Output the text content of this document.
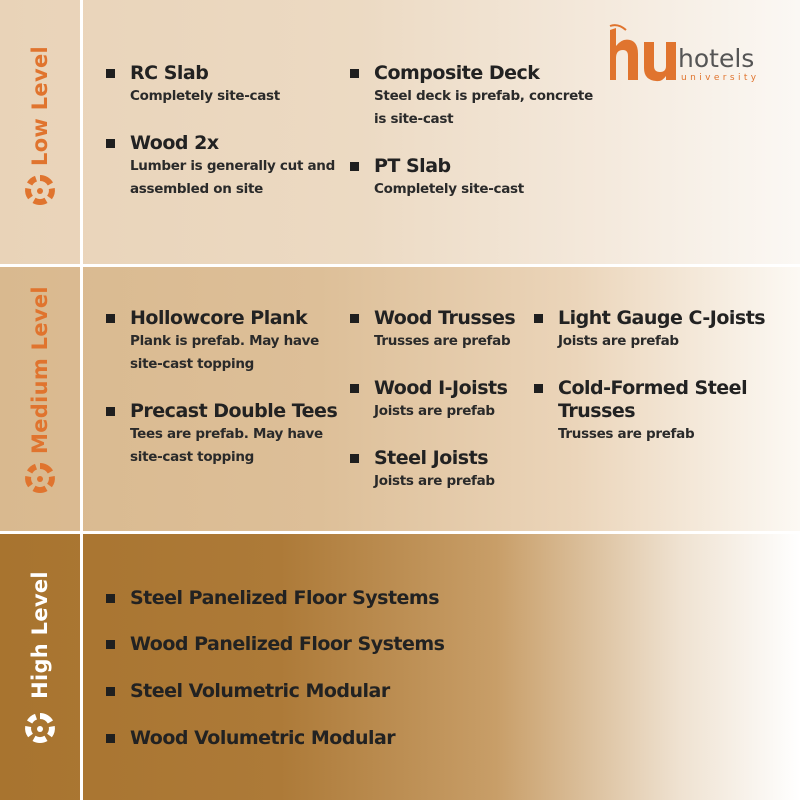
Low Level	RC Slab
Completely site-cast
Wood 2x
Lumber is generally cut and
assembled on site
Composite Deck
Steel deck is prefab, concrete
is site-cast
PT Slab
Completely site-cast
hotels
university
Medium Level	Hollowcore Plank
Plank is prefab. May have
site-cast topping
Precast Double Tees
Tees are prefab. May have
site-cast topping
Wood Trusses
Trusses are prefab
Wood I-Joists
Joists are prefab
Steel Joists
Joists are prefab
Light Gauge C-Joists
Joists are prefab
Cold-Formed Steel
Trusses
Trusses are prefab
High Level	Steel Panelized Floor Systems
Wood Panelized Floor Systems
Steel Volumetric Modular
Wood Volumetric Modular
